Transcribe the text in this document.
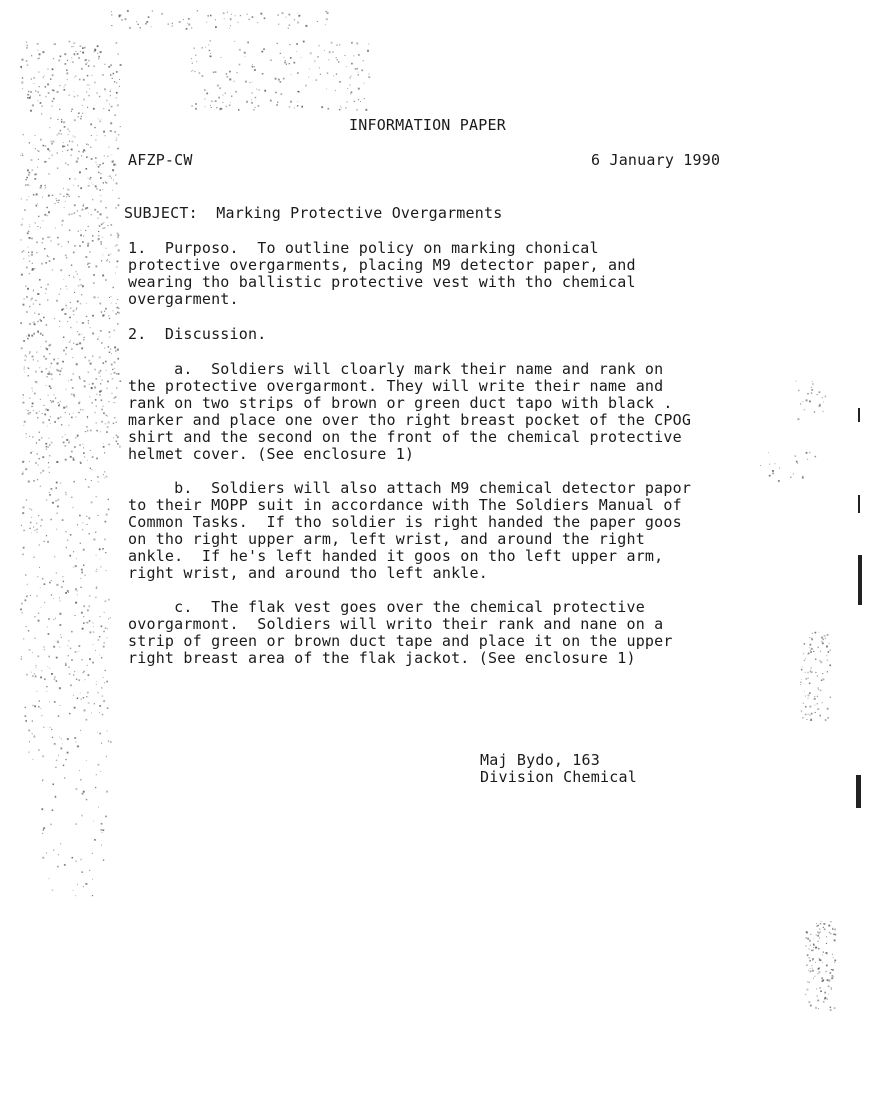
INFORMATION PAPER
AFZP-CW	6 January 1990
SUBJECT:  Marking Protective Overgarments
1.  Purposo.  To outline policy on marking chonical
protective overgarments, placing M9 detector paper, and
wearing tho ballistic protective vest with tho chemical
overgarment.
2.  Discussion.
a.  Soldiers will cloarly mark their name and rank on
the protective overgarmont. They will write their name and
rank on two strips of brown or green duct tapo with black .
marker and place one over tho right breast pocket of the CPOG
shirt and the second on the front of the chemical protective
helmet cover. (See enclosure 1)
b.  Soldiers will also attach M9 chemical detector papor
to their MOPP suit in accordance with The Soldiers Manual of
Common Tasks.  If tho soldier is right handed the paper goos
on tho right upper arm, left wrist, and around the right
ankle.  If he's left handed it goos on tho left upper arm,
right wrist, and around tho left ankle.
c.  The flak vest goes over the chemical protective
ovorgarmont.  Soldiers will writo their rank and nane on a
strip of green or brown duct tape and place it on the upper
right breast area of the flak jackot. (See enclosure 1)
Maj Bydo, 163
Division Chemical
